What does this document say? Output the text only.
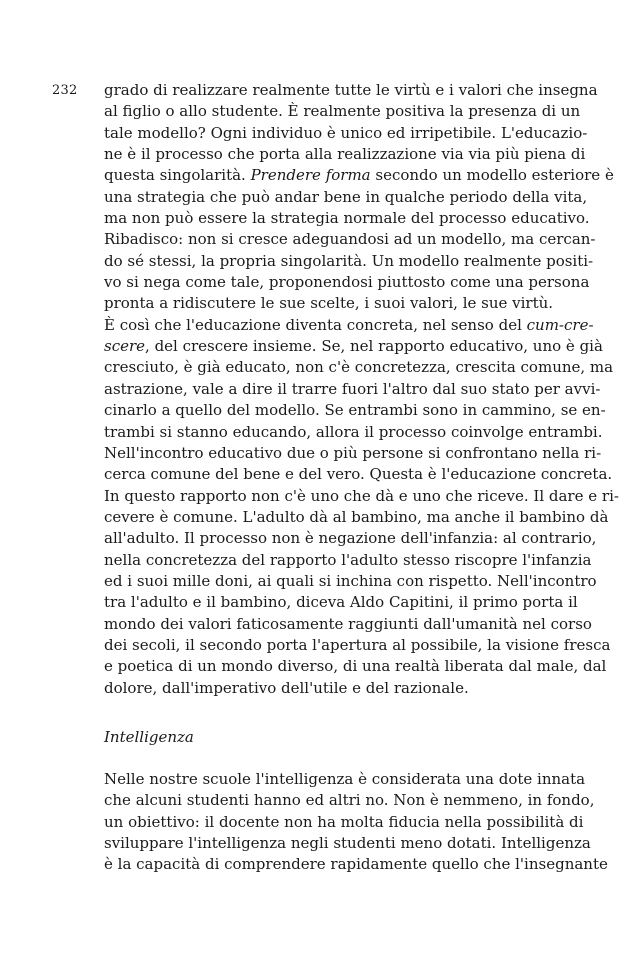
232 grado di realizzare realmente tutte le virtù e i valori che insegna
al figlio o allo studente. È realmente positiva la presenza di un
tale modello? Ogni individuo è unico ed irripetibile. L'educazio-
ne è il processo che porta alla realizzazione via via più piena di
questa singolarità. Prendere forma secondo un modello esteriore è
una strategia che può andar bene in qualche periodo della vita,
ma non può essere la strategia normale del processo educativo.
Ribadisco: non si cresce adeguandosi ad un modello, ma cercan-
do sé stessi, la propria singolarità. Un modello realmente positi-
vo si nega come tale, proponendosi piuttosto come una persona
pronta a ridiscutere le sue scelte, i suoi valori, le sue virtù.
È così che l'educazione diventa concreta, nel senso del cum-cre-
scere, del crescere insieme. Se, nel rapporto educativo, uno è già
cresciuto, è già educato, non c'è concretezza, crescita comune, ma
astrazione, vale a dire il trarre fuori l'altro dal suo stato per avvi-
cinarlo a quello del modello. Se entrambi sono in cammino, se en-
trambi si stanno educando, allora il processo coinvolge entrambi.
Nell'incontro educativo due o più persone si confrontano nella ri-
cerca comune del bene e del vero. Questa è l'educazione concreta.
In questo rapporto non c'è uno che dà e uno che riceve. Il dare e ri-
cevere è comune. L'adulto dà al bambino, ma anche il bambino dà
all'adulto. Il processo non è negazione dell'infanzia: al contrario,
nella concretezza del rapporto l'adulto stesso riscopre l'infanzia
ed i suoi mille doni, ai quali si inchina con rispetto. Nell'incontro
tra l'adulto e il bambino, diceva Aldo Capitini, il primo porta il
mondo dei valori faticosamente raggiunti dall'umanità nel corso
dei secoli, il secondo porta l'apertura al possibile, la visione fresca
e poetica di un mondo diverso, di una realtà liberata dal male, dal
dolore, dall'imperativo dell'utile e del razionale.
Intelligenza
Nelle nostre scuole l'intelligenza è considerata una dote innata
che alcuni studenti hanno ed altri no. Non è nemmeno, in fondo,
un obiettivo: il docente non ha molta fiducia nella possibilità di
sviluppare l'intelligenza negli studenti meno dotati. Intelligenza
è la capacità di comprendere rapidamente quello che l'insegnante
